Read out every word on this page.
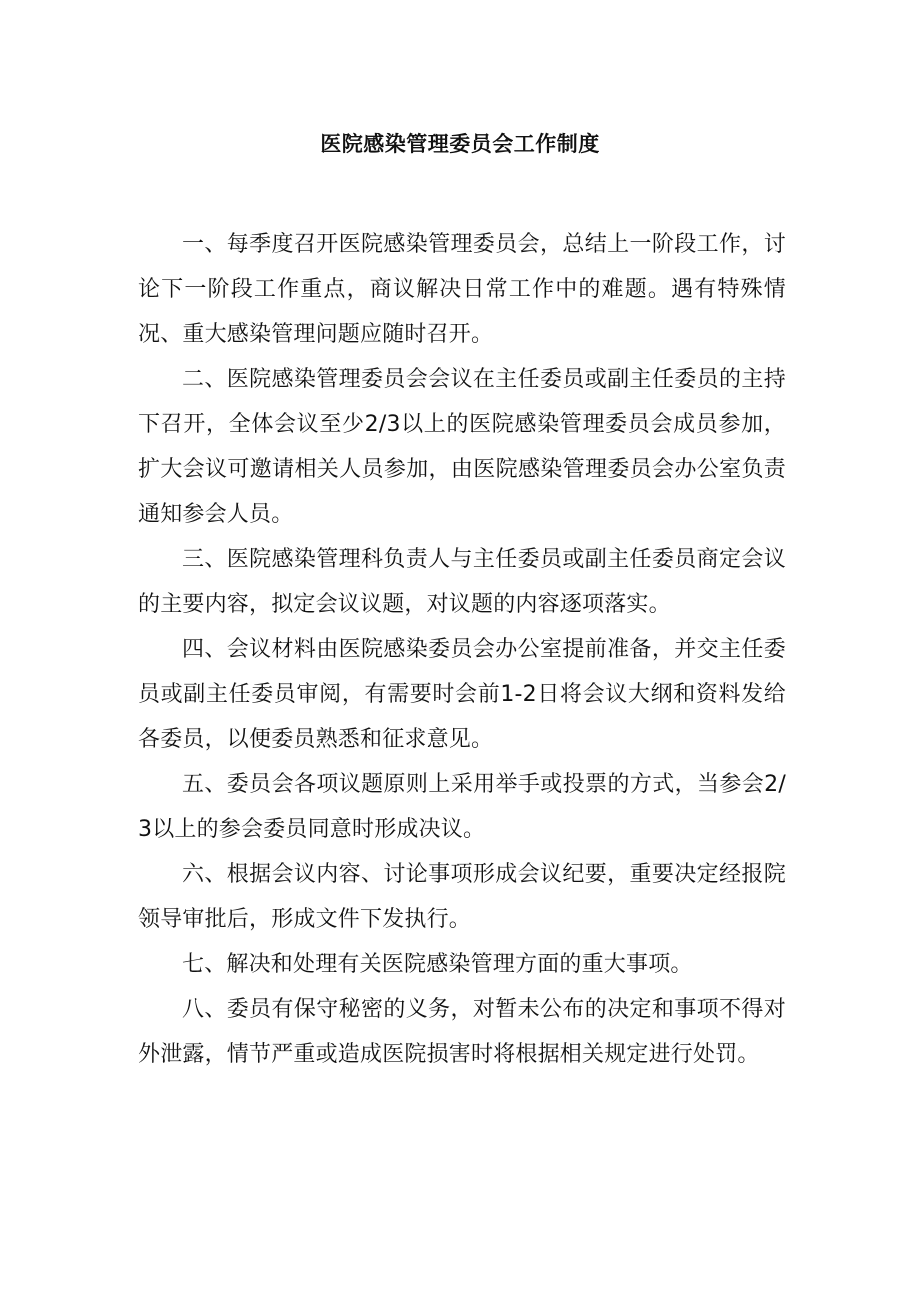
医院感染管理委员会工作制度

一、每季度召开医院感染管理委员会，总结上一阶段工作，讨论下一阶段工作重点，商议解决日常工作中的难题。遇有特殊情况、重大感染管理问题应随时召开。

二、医院感染管理委员会会议在主任委员或副主任委员的主持下召开，全体会议至少2/3以上的医院感染管理委员会成员参加，扩大会议可邀请相关人员参加，由医院感染管理委员会办公室负责通知参会人员。

三、医院感染管理科负责人与主任委员或副主任委员商定会议的主要内容，拟定会议议题，对议题的内容逐项落实。

四、会议材料由医院感染委员会办公室提前准备，并交主任委员或副主任委员审阅，有需要时会前1-2日将会议大纲和资料发给各委员，以便委员熟悉和征求意见。

五、委员会各项议题原则上采用举手或投票的方式，当参会2/3以上的参会委员同意时形成决议。

六、根据会议内容、讨论事项形成会议纪要，重要决定经报院领导审批后，形成文件下发执行。

七、解决和处理有关医院感染管理方面的重大事项。

八、委员有保守秘密的义务，对暂未公布的决定和事项不得对外泄露，情节严重或造成医院损害时将根据相关规定进行处罚。
